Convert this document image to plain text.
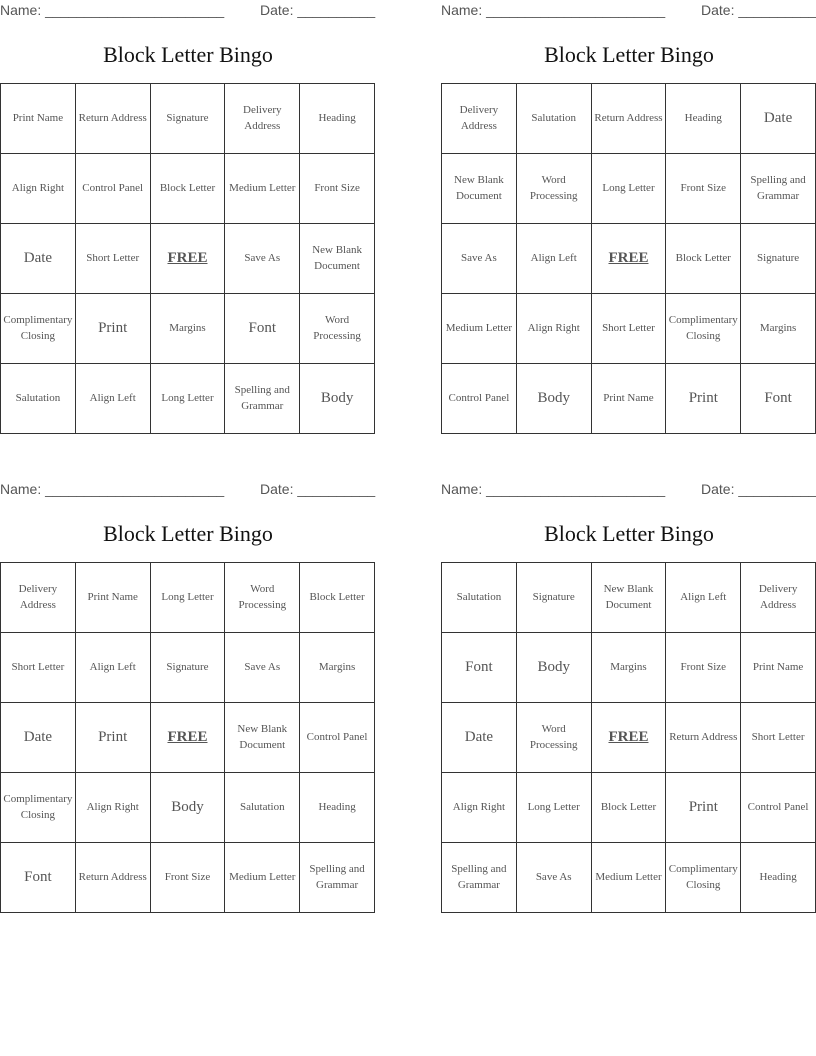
Name: _______________________	Date: __________
Block Letter Bingo
Print Name	Return Address	Signature	Delivery Address	Heading
Align Right	Control Panel	Block Letter	Medium Letter	Front Size
Date	Short Letter	FREE	Save As	New Blank Document
Complimentary Closing	Print	Margins	Font	Word Processing
Salutation	Align Left	Long Letter	Spelling and Grammar	Body
Name: _______________________	Date: __________
Block Letter Bingo
Delivery Address	Salutation	Return Address	Heading	Date
New Blank Document	Word Processing	Long Letter	Front Size	Spelling and Grammar
Save As	Align Left	FREE	Block Letter	Signature
Medium Letter	Align Right	Short Letter	Complimentary Closing	Margins
Control Panel	Body	Print Name	Print	Font
Name: _______________________	Date: __________
Block Letter Bingo
Delivery Address	Print Name	Long Letter	Word Processing	Block Letter
Short Letter	Align Left	Signature	Save As	Margins
Date	Print	FREE	New Blank Document	Control Panel
Complimentary Closing	Align Right	Body	Salutation	Heading
Font	Return Address	Front Size	Medium Letter	Spelling and Grammar
Name: _______________________	Date: __________
Block Letter Bingo
Salutation	Signature	New Blank Document	Align Left	Delivery Address
Font	Body	Margins	Front Size	Print Name
Date	Word Processing	FREE	Return Address	Short Letter
Align Right	Long Letter	Block Letter	Print	Control Panel
Spelling and Grammar	Save As	Medium Letter	Complimentary Closing	Heading
